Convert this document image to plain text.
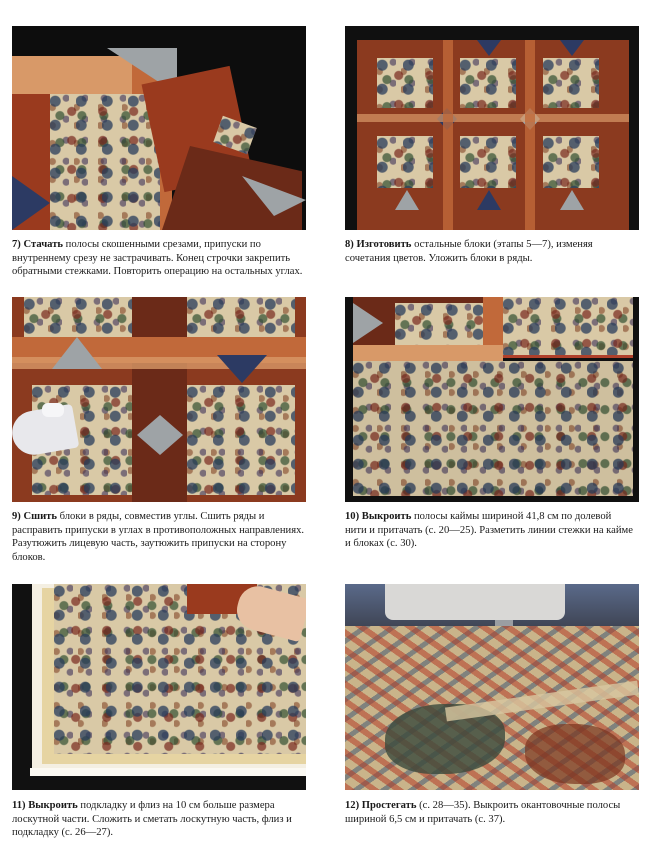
7) Стачать полосы скошенными срезами, припуски по внутреннему срезу не застрачивать. Конец строчки закрепить обратными стежками. Повторить операцию на остальных углах.
8) Изготовить остальные блоки (этапы 5—7), изменяя сочетания цветов. Уложить блоки в ряды.
9) Сшить блоки в ряды, совместив углы. Сшить ряды и расправить припуски в углах в противоположных направлениях. Разутюжить лицевую часть, заутюжить припуски на сторону блоков.
10) Выкроить полосы каймы шириной 41,8 см по долевой нити и притачать (с. 20—25). Разметить линии стежки на кайме и блоках (с. 30).
11) Выкроить подкладку и флиз на 10 см больше размера лоскутной части. Сложить и сметать лоскутную часть, флиз и подкладку (с. 26—27).
12) Простегать (с. 28—35). Выкроить окантовочные полосы шириной 6,5 см и притачать (с. 37).
